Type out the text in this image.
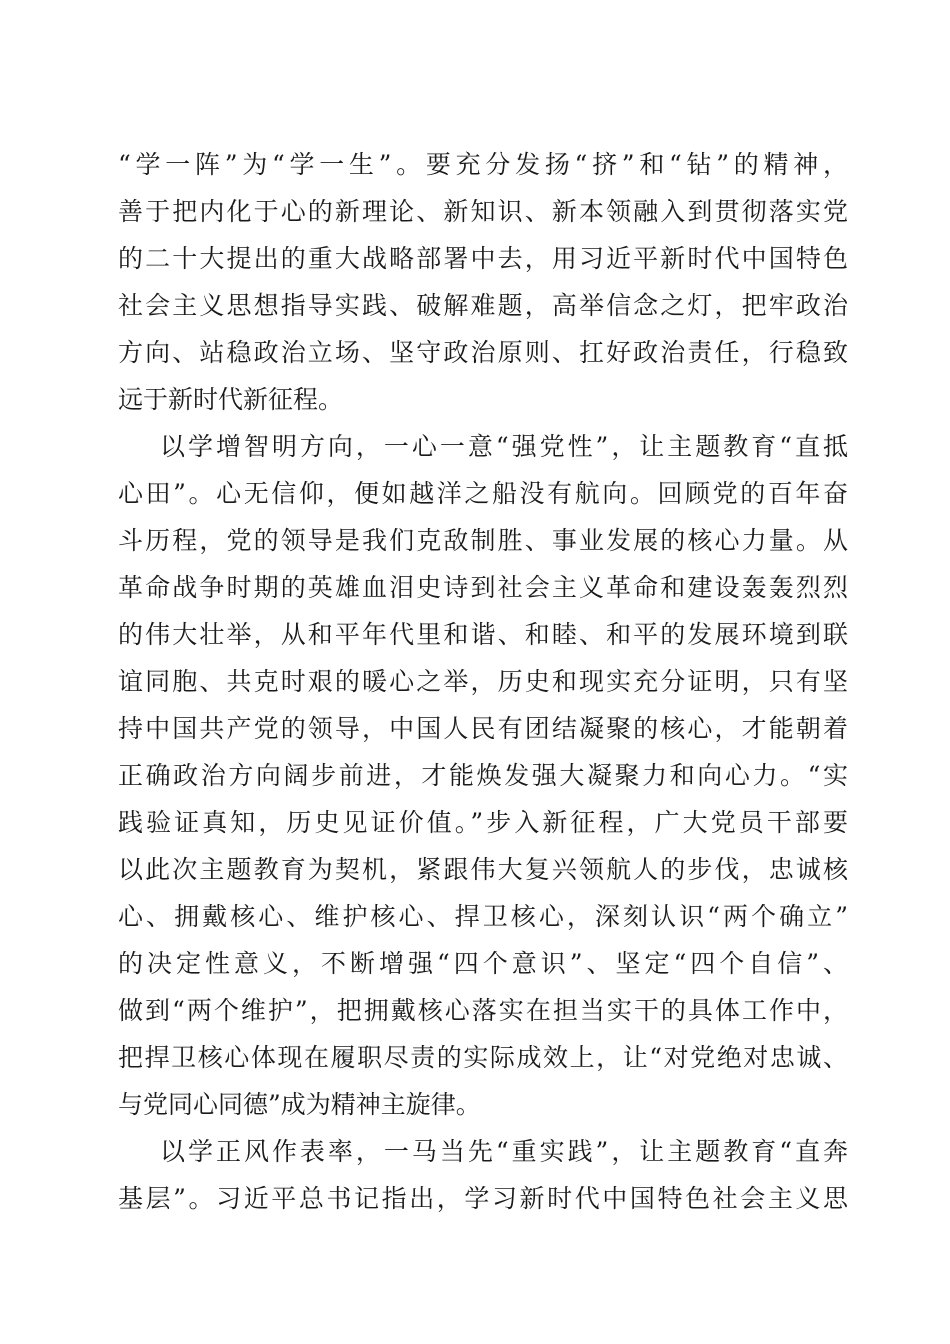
“学一阵”为“学一生”。要充分发扬“挤”和“钻”的精神，
善于把内化于心的新理论、新知识、新本领融入到贯彻落实党
的二十大提出的重大战略部署中去，用习近平新时代中国特色
社会主义思想指导实践、破解难题，高举信念之灯，把牢政治
方向、站稳政治立场、坚守政治原则、扛好政治责任，行稳致
远于新时代新征程。
以学增智明方向，一心一意“强党性”，让主题教育“直抵
心田”。心无信仰，便如越洋之船没有航向。回顾党的百年奋
斗历程，党的领导是我们克敌制胜、事业发展的核心力量。从
革命战争时期的英雄血泪史诗到社会主义革命和建设轰轰烈烈
的伟大壮举，从和平年代里和谐、和睦、和平的发展环境到联
谊同胞、共克时艰的暖心之举，历史和现实充分证明，只有坚
持中国共产党的领导，中国人民有团结凝聚的核心，才能朝着
正确政治方向阔步前进，才能焕发强大凝聚力和向心力。“实
践验证真知，历史见证价值。”步入新征程，广大党员干部要
以此次主题教育为契机，紧跟伟大复兴领航人的步伐，忠诚核
心、拥戴核心、维护核心、捍卫核心，深刻认识“两个确立”
的决定性意义，不断增强“四个意识”、坚定“四个自信”、
做到“两个维护”，把拥戴核心落实在担当实干的具体工作中，
把捍卫核心体现在履职尽责的实际成效上，让“对党绝对忠诚、
与党同心同德”成为精神主旋律。
以学正风作表率，一马当先“重实践”，让主题教育“直奔
基层”。习近平总书记指出，学习新时代中国特色社会主义思
